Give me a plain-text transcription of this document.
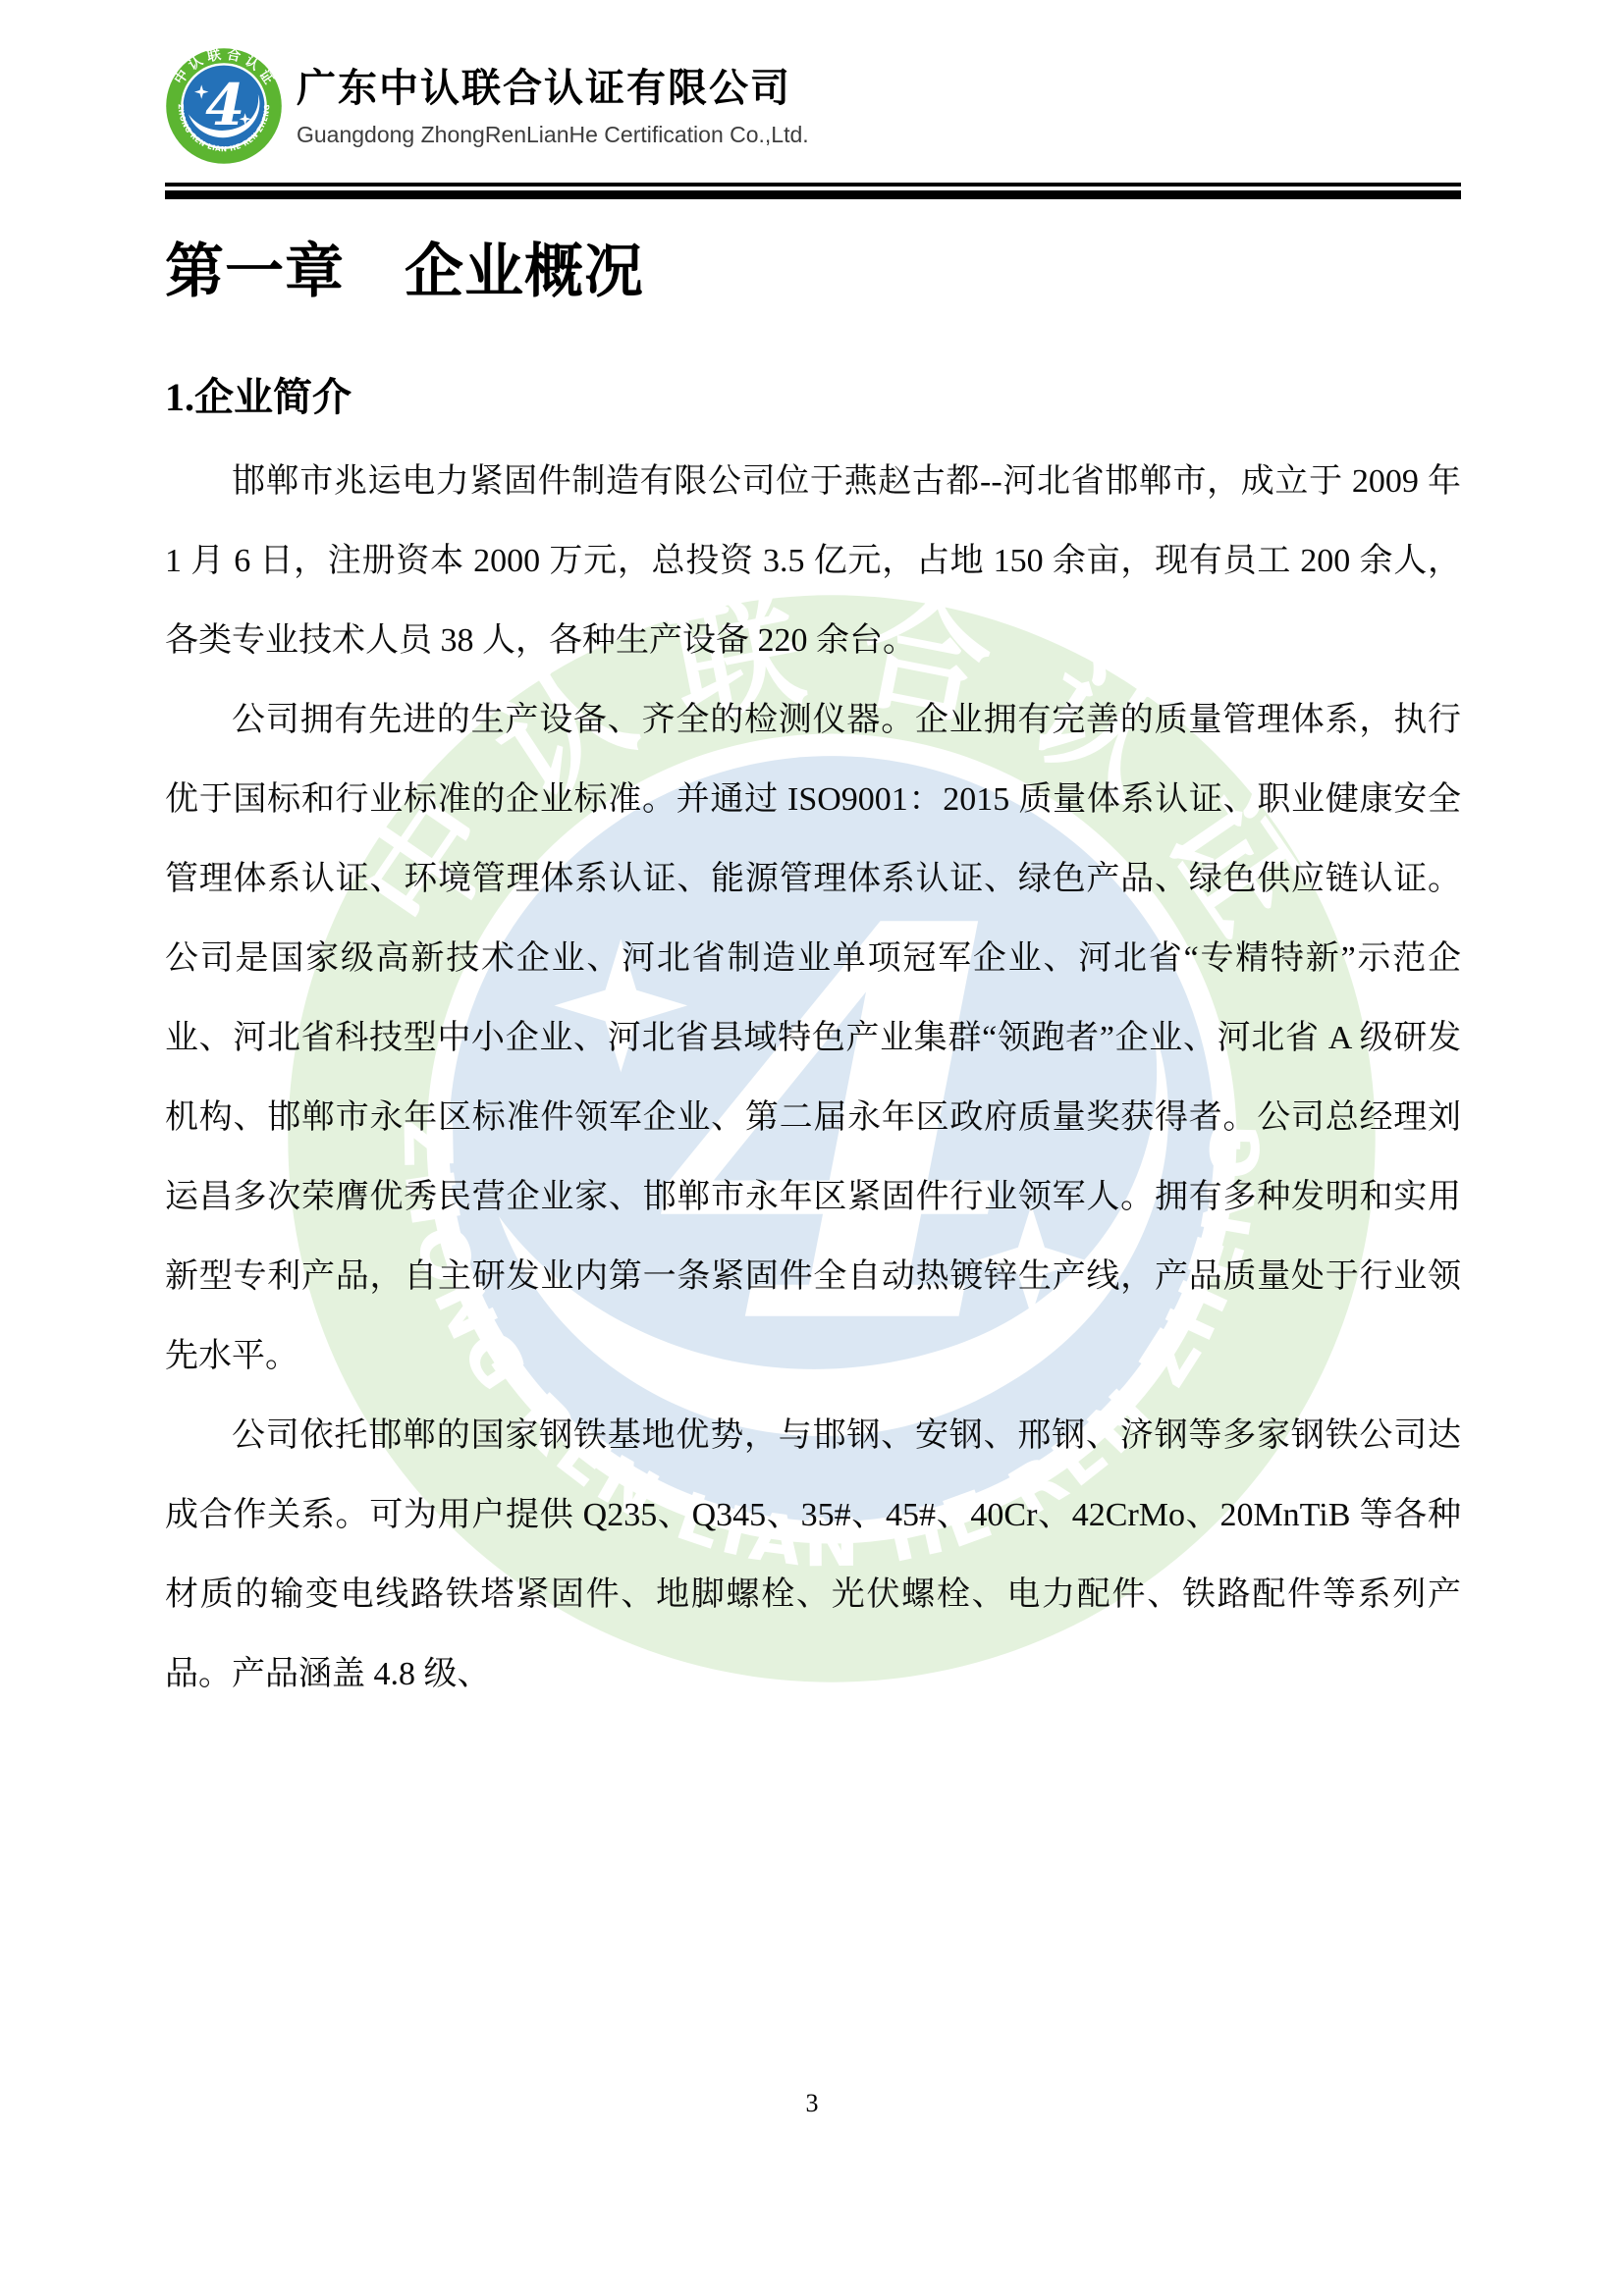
广东中认联合认证有限公司
Guangdong ZhongRenLianHe Certification Co.,Ltd.
第一章　企业概况
1.企业简介

邯郸市兆运电力紧固件制造有限公司位于燕赵古都--河北省邯郸市，成立于 2009 年 1 月 6 日，注册资本 2000 万元，总投资 3.5 亿元，占地 150 余亩，现有员工 200 余人，各类专业技术人员 38 人，各种生产设备 220 余台。

公司拥有先进的生产设备、齐全的检测仪器。企业拥有完善的质量管理体系，执行优于国标和行业标准的企业标准。并通过 ISO9001：2015 质量体系认证、职业健康安全管理体系认证、环境管理体系认证、能源管理体系认证、绿色产品、绿色供应链认证。公司是国家级高新技术企业、河北省制造业单项冠军企业、河北省“专精特新”示范企业、河北省科技型中小企业、河北省县域特色产业集群“领跑者”企业、河北省 A 级研发机构、邯郸市永年区标准件领军企业、第二届永年区政府质量奖获得者。公司总经理刘运昌多次荣膺优秀民营企业家、邯郸市永年区紧固件行业领军人。拥有多种发明和实用新型专利产品，自主研发业内第一条紧固件全自动热镀锌生产线，产品质量处于行业领先水平。

公司依托邯郸的国家钢铁基地优势，与邯钢、安钢、邢钢、济钢等多家钢铁公司达成合作关系。可为用户提供 Q235、Q345、35#、45#、40Cr、42CrMo、20MnTiB 等各种材质的输变电线路铁塔紧固件、地脚螺栓、光伏螺栓、电力配件、铁路配件等系列产品。产品涵盖 4.8 级、

3
